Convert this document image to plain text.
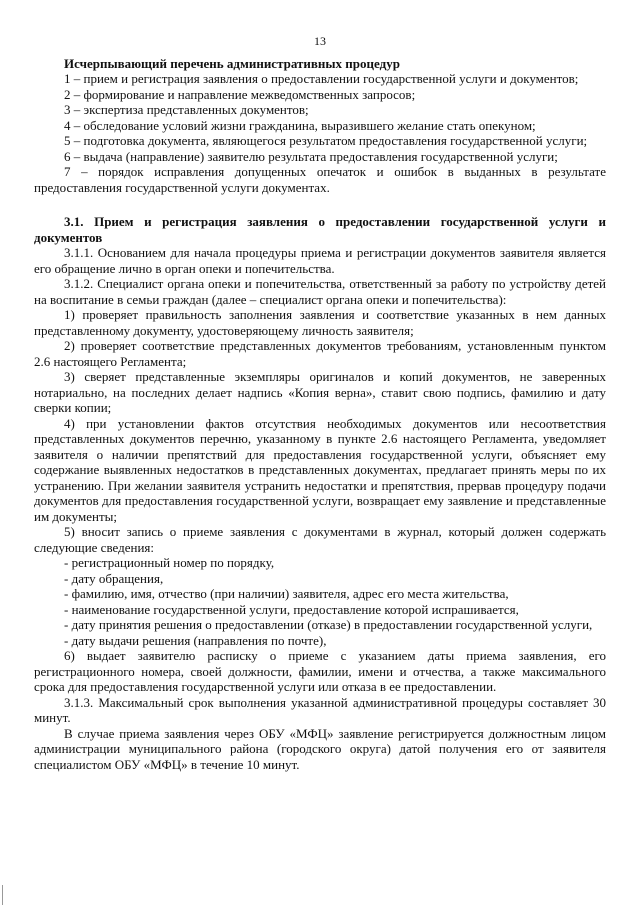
13

Исчерпывающий перечень административных процедур

1 – прием и регистрация заявления о предоставлении государственной услуги и документов;

2 – формирование и направление межведомственных запросов;

3 – экспертиза представленных документов;

4 – обследование условий жизни гражданина, выразившего желание стать опекуном;

5 – подготовка документа, являющегося результатом предоставления государственной услуги;

6 – выдача (направление) заявителю результата предоставления государственной услуги;

7 – порядок исправления допущенных опечаток и ошибок в выданных в результате предоставления государственной услуги документах.

3.1. Прием и регистрация заявления о предоставлении государственной услуги и документов

3.1.1. Основанием для начала процедуры приема и регистрации документов заявителя является его обращение лично в орган опеки и попечительства.

3.1.2. Специалист органа опеки и попечительства, ответственный за работу по устройству детей на воспитание в семьи граждан (далее – специалист органа опеки и попечительства):

1) проверяет правильность заполнения заявления и соответствие указанных в нем данных представленному документу, удостоверяющему личность заявителя;

2) проверяет соответствие представленных документов требованиям, установленным пунктом 2.6 настоящего Регламента;

3) сверяет представленные экземпляры оригиналов и копий документов, не заверенных нотариально, на последних делает надпись «Копия верна», ставит свою подпись, фамилию и дату сверки копии;

4) при установлении фактов отсутствия необходимых документов или несоответствия представленных документов перечню, указанному в пункте 2.6 настоящего Регламента, уведомляет заявителя о наличии препятствий для предоставления государственной услуги, объясняет ему содержание выявленных недостатков в представленных документах, предлагает принять меры по их устранению. При желании заявителя устранить недостатки и препятствия, прервав процедуру подачи документов для предоставления государственной услуги, возвращает ему заявление и представленные им документы;

5) вносит запись о приеме заявления с документами в журнал, который должен содержать следующие сведения:

- регистрационный номер по порядку,

- дату обращения,

- фамилию, имя, отчество (при наличии) заявителя, адрес его места жительства,

- наименование государственной услуги, предоставление которой испрашивается,

- дату принятия решения о предоставлении (отказе) в предоставлении государственной услуги,

- дату выдачи решения (направления по почте),

6) выдает заявителю расписку о приеме с указанием даты приема заявления, его регистрационного номера, своей должности, фамилии, имени и отчества, а также максимального срока для предоставления государственной услуги или отказа в ее предоставлении.

3.1.3. Максимальный срок выполнения указанной административной процедуры составляет 30 минут.

В случае приема заявления через ОБУ «МФЦ» заявление регистрируется должностным лицом администрации муниципального района (городского округа) датой получения его от заявителя специалистом ОБУ «МФЦ» в течение 10 минут.
